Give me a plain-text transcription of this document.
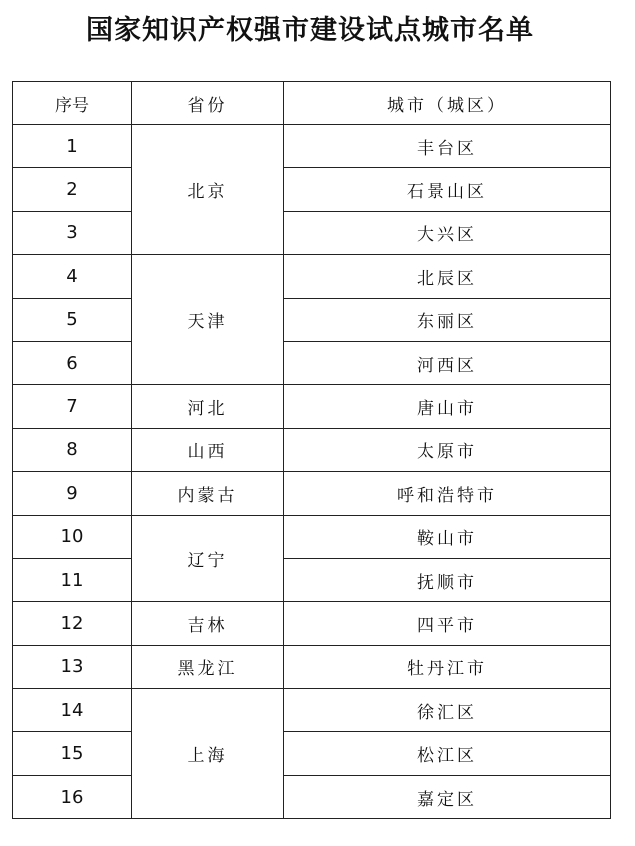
国家知识产权强市建设试点城市名单
序号	省份	城市（城区）
1	北京	丰台区
2		石景山区
3		大兴区
4	天津	北辰区
5		东丽区
6		河西区
7	河北	唐山市
8	山西	太原市
9	内蒙古	呼和浩特市
10	辽宁	鞍山市
11		抚顺市
12	吉林	四平市
13	黑龙江	牡丹江市
14	上海	徐汇区
15		松江区
16		嘉定区
